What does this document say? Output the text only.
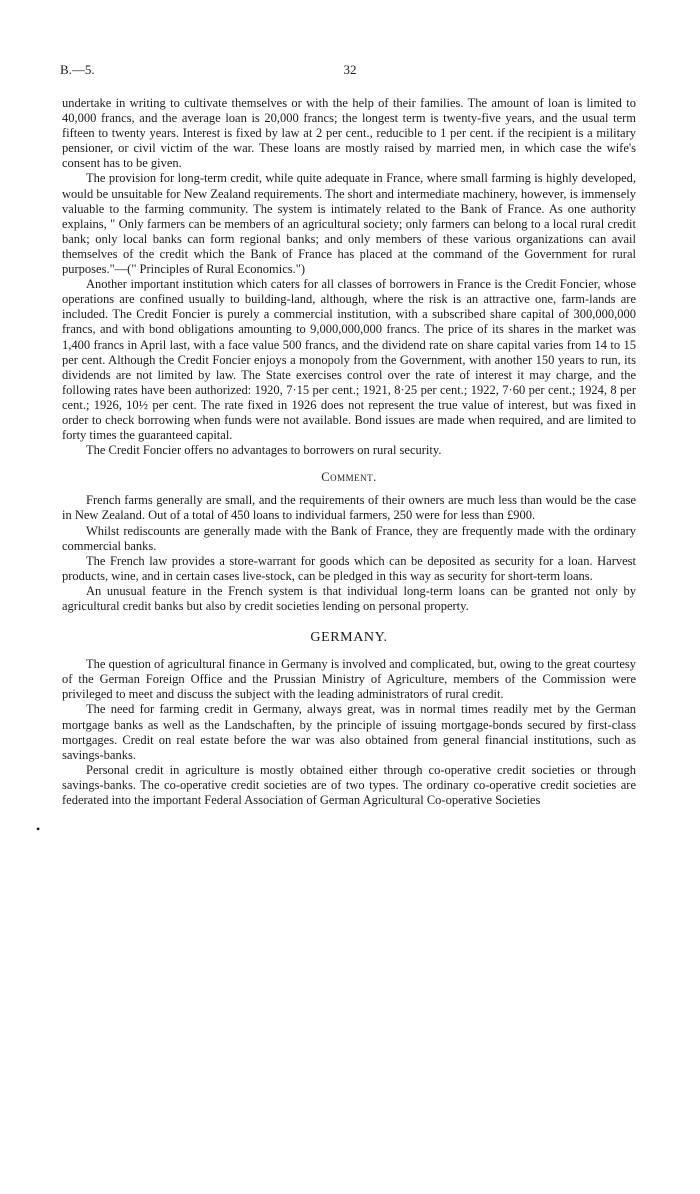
B.—5.	32
•

undertake in writing to cultivate themselves or with the help of their families. The amount of loan is limited to 40,000 francs, and the average loan is 20,000 francs; the longest term is twenty-five years, and the usual term fifteen to twenty years. Interest is fixed by law at 2 per cent., reducible to 1 per cent. if the recipient is a military pensioner, or civil victim of the war. These loans are mostly raised by married men, in which case the wife's consent has to be given.

The provision for long-term credit, while quite adequate in France, where small farming is highly developed, would be unsuitable for New Zealand requirements. The short and intermediate machinery, however, is immensely valuable to the farming community. The system is intimately related to the Bank of France. As one authority explains, " Only farmers can be members of an agricultural society; only farmers can belong to a local rural credit bank; only local banks can form regional banks; and only members of these various organizations can avail themselves of the credit which the Bank of France has placed at the command of the Government for rural purposes."—(" Principles of Rural Economics.")

Another important institution which caters for all classes of borrowers in France is the Credit Foncier, whose operations are confined usually to building-land, although, where the risk is an attractive one, farm-lands are included. The Credit Foncier is purely a commercial institution, with a subscribed share capital of 300,000,000 francs, and with bond obligations amounting to 9,000,000,000 francs. The price of its shares in the market was 1,400 francs in April last, with a face value 500 francs, and the dividend rate on share capital varies from 14 to 15 per cent. Although the Credit Foncier enjoys a monopoly from the Government, with another 150 years to run, its dividends are not limited by law. The State exercises control over the rate of interest it may charge, and the following rates have been authorized: 1920, 7·15 per cent.; 1921, 8·25 per cent.; 1922, 7·60 per cent.; 1924, 8 per cent.; 1926, 10½ per cent. The rate fixed in 1926 does not represent the true value of interest, but was fixed in order to check borrowing when funds were not available. Bond issues are made when required, and are limited to forty times the guaranteed capital.

The Credit Foncier offers no advantages to borrowers on rural security.

Comment.

French farms generally are small, and the requirements of their owners are much less than would be the case in New Zealand. Out of a total of 450 loans to individual farmers, 250 were for less than £900.

Whilst rediscounts are generally made with the Bank of France, they are frequently made with the ordinary commercial banks.

The French law provides a store-warrant for goods which can be deposited as security for a loan. Harvest products, wine, and in certain cases live-stock, can be pledged in this way as security for short-term loans.

An unusual feature in the French system is that individual long-term loans can be granted not only by agricultural credit banks but also by credit societies lending on personal property.

GERMANY.

The question of agricultural finance in Germany is involved and complicated, but, owing to the great courtesy of the German Foreign Office and the Prussian Ministry of Agriculture, members of the Commission were privileged to meet and discuss the subject with the leading administrators of rural credit.

The need for farming credit in Germany, always great, was in normal times readily met by the German mortgage banks as well as the Landschaften, by the principle of issuing mortgage-bonds secured by first-class mortgages. Credit on real estate before the war was also obtained from general financial institutions, such as savings-banks.

Personal credit in agriculture is mostly obtained either through co-operative credit societies or through savings-banks. The co-operative credit societies are of two types. The ordinary co-operative credit societies are federated into the important Federal Association of German Agricultural Co-operative Societies
